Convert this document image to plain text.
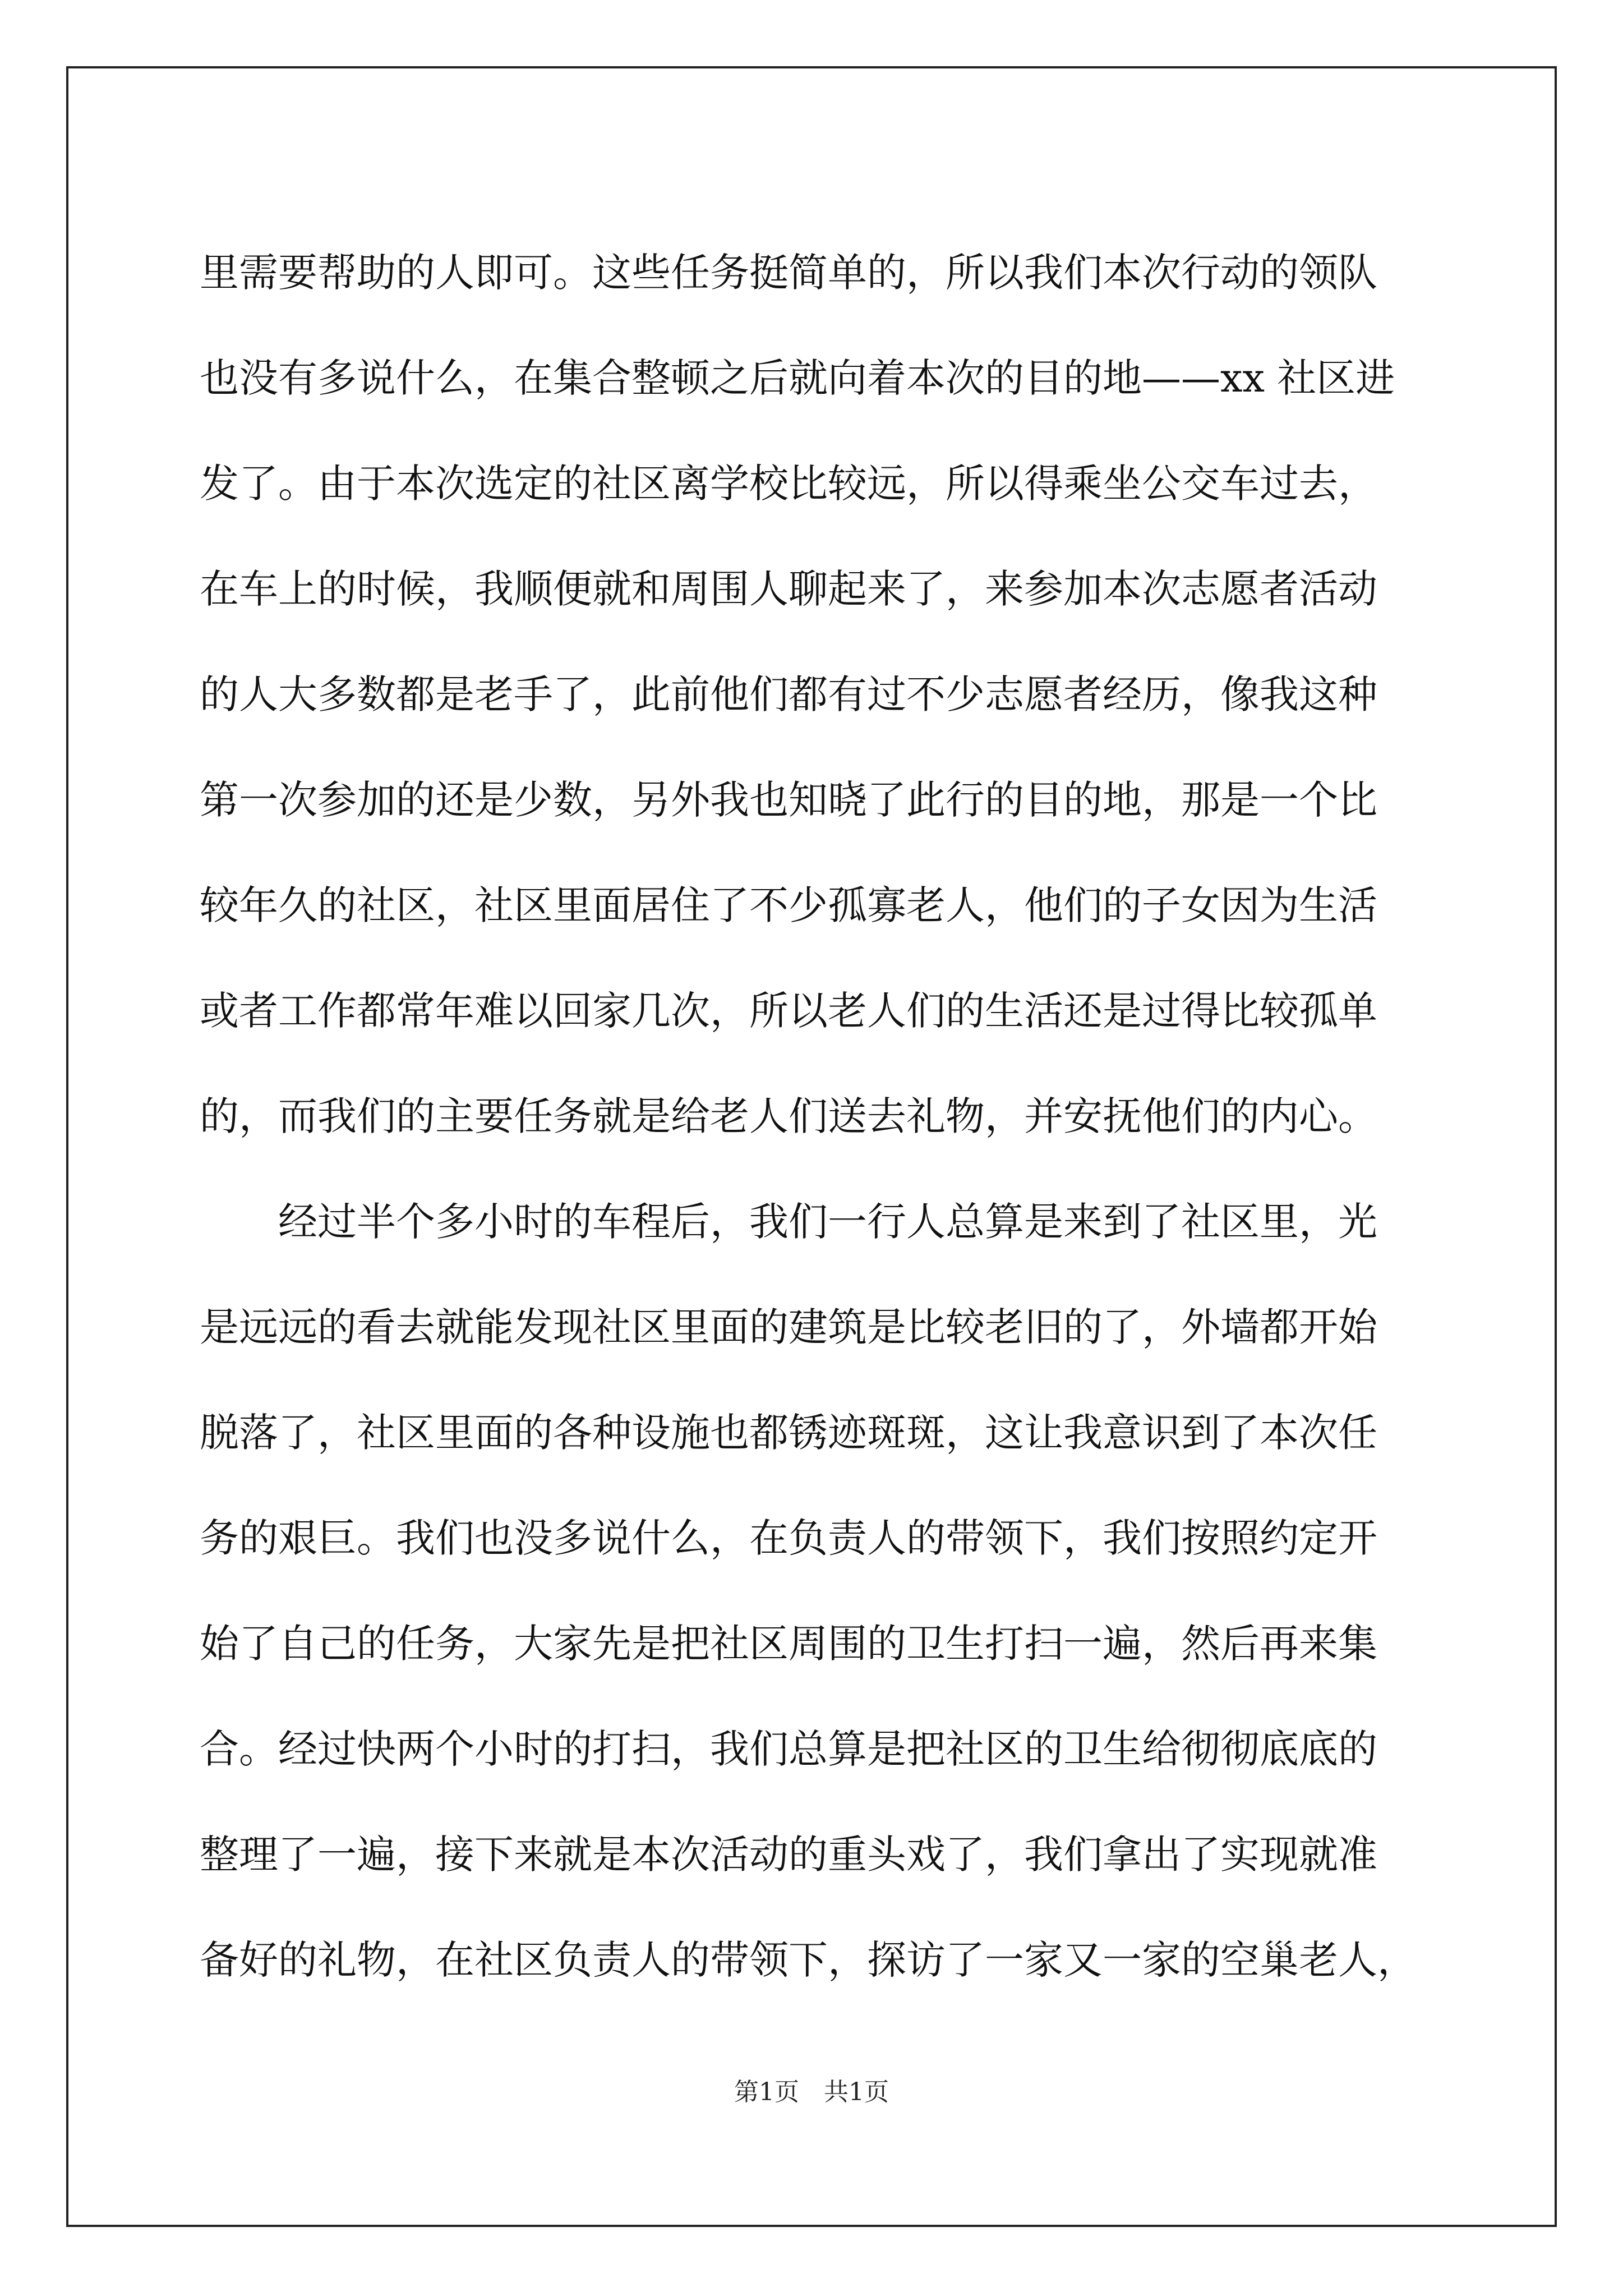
里需要帮助的人即可。这些任务挺简单的，所以我们本次行动的领队
也没有多说什么，在集合整顿之后就向着本次的目的地——xx 社区进
发了。由于本次选定的社区离学校比较远，所以得乘坐公交车过去，
在车上的时候，我顺便就和周围人聊起来了，来参加本次志愿者活动
的人大多数都是老手了，此前他们都有过不少志愿者经历，像我这种
第一次参加的还是少数，另外我也知晓了此行的目的地，那是一个比
较年久的社区，社区里面居住了不少孤寡老人，他们的子女因为生活
或者工作都常年难以回家几次，所以老人们的生活还是过得比较孤单
的，而我们的主要任务就是给老人们送去礼物，并安抚他们的内心。
经过半个多小时的车程后，我们一行人总算是来到了社区里，光
是远远的看去就能发现社区里面的建筑是比较老旧的了，外墙都开始
脱落了，社区里面的各种设施也都锈迹斑斑，这让我意识到了本次任
务的艰巨。我们也没多说什么，在负责人的带领下，我们按照约定开
始了自己的任务，大家先是把社区周围的卫生打扫一遍，然后再来集
合。经过快两个小时的打扫，我们总算是把社区的卫生给彻彻底底的
整理了一遍，接下来就是本次活动的重头戏了，我们拿出了实现就准
备好的礼物，在社区负责人的带领下，探访了一家又一家的空巢老人，
第1页　共1页
